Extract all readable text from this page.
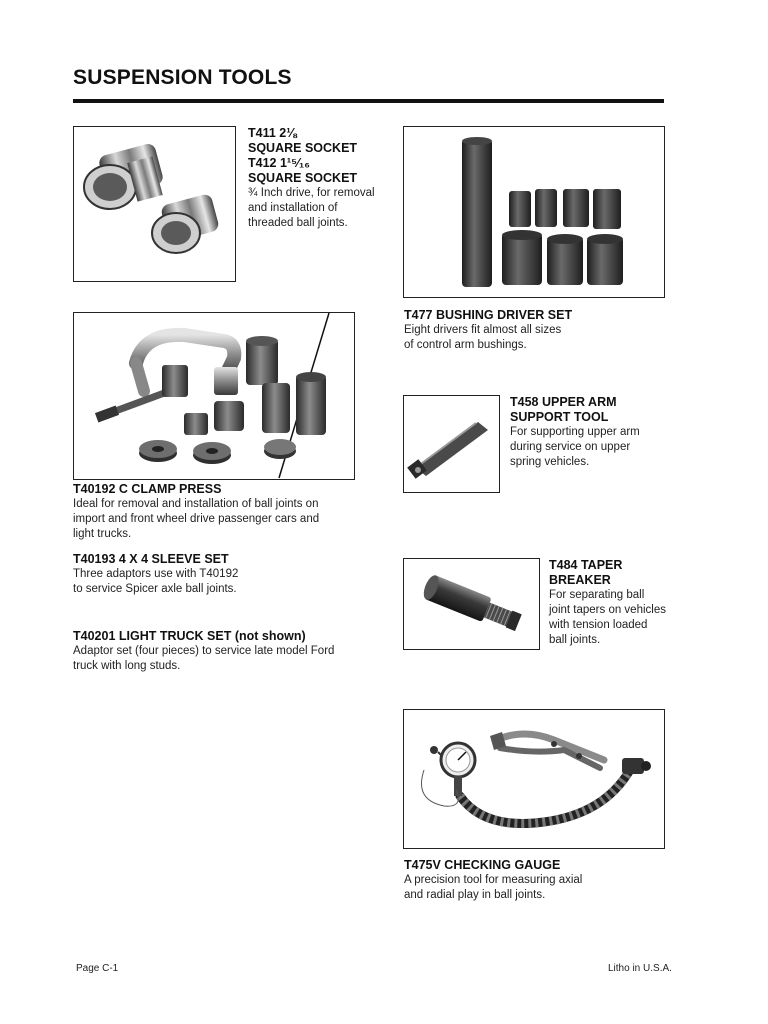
SUSPENSION TOOLS

T411 2⅛

SQUARE SOCKET

T412 1¹⁵⁄₁₆

SQUARE SOCKET

¾ Inch drive, for removal

and installation of

threaded ball joints.

T477 BUSHING DRIVER SET

Eight drivers fit almost all sizes

of control arm bushings.

T458 UPPER ARM

SUPPORT TOOL

For supporting upper arm

during service on upper

spring vehicles.

T40192 C CLAMP PRESS

Ideal for removal and installation of ball joints on

import and front wheel drive passenger cars and

light trucks.

T40193 4 X 4 SLEEVE SET

Three adaptors use with T40192

to service Spicer axle ball joints.

T40201 LIGHT TRUCK SET (not shown)

Adaptor set (four pieces) to service late model Ford

truck with long studs.

T484 TAPER

BREAKER

For separating ball

joint tapers on vehicles

with tension loaded

ball joints.

T475V CHECKING GAUGE

A precision tool for measuring axial

and radial play in ball joints.

Page C-1	Litho in U.S.A.
